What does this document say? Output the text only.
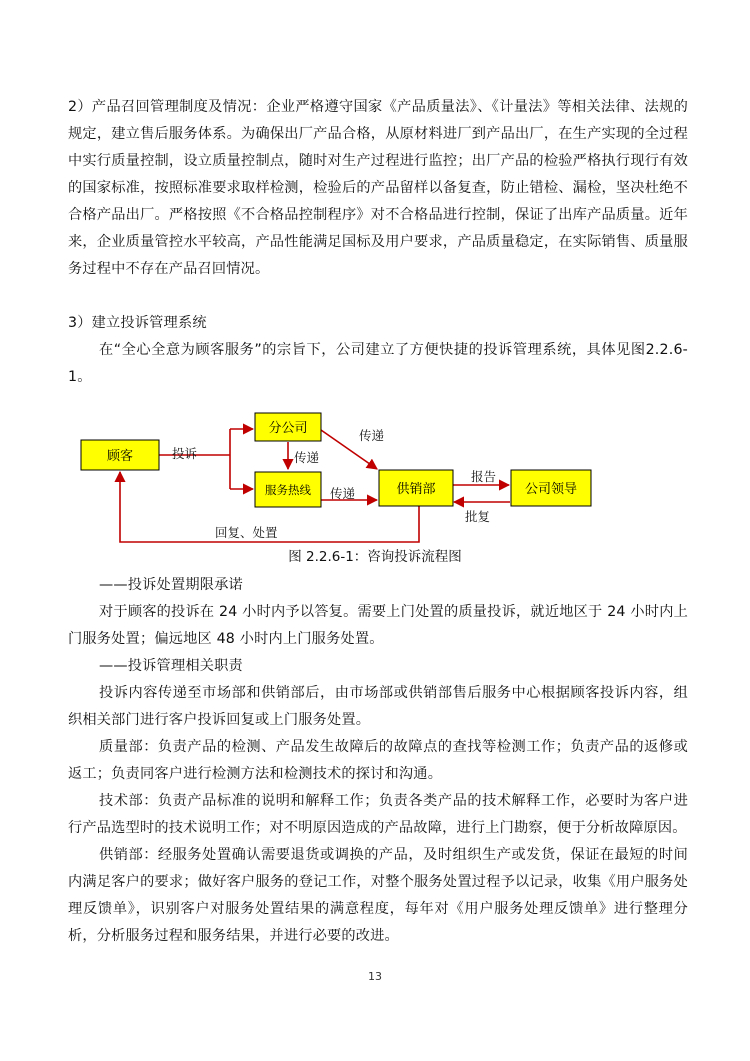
2）产品召回管理制度及情况：企业严格遵守国家《产品质量法》、《计量法》等相关法律、法规的规定，建立售后服务体系。为确保出厂产品合格，从原材料进厂到产品出厂，在生产实现的全过程中实行质量控制，设立质量控制点，随时对生产过程进行监控；出厂产品的检验严格执行现行有效的国家标准，按照标准要求取样检测，检验后的产品留样以备复查，防止错检、漏检，坚决杜绝不合格产品出厂。严格按照《不合格品控制程序》对不合格品进行控制，保证了出库产品质量。近年来，企业质量管控水平较高，产品性能满足国标及用户要求，产品质量稳定，在实际销售、质量服务过程中不存在产品召回情况。

3）建立投诉管理系统

在“全心全意为顾客服务”的宗旨下，公司建立了方便快捷的投诉管理系统，具体见图2.2.6-1。

顾客
分公司
服务热线	供销部	公司领导
投诉	传递
传递
传递
报告
批复
回复、处置
图 2.2.6-1：咨询投诉流程图

——投诉处置期限承诺

对于顾客的投诉在 24 小时内予以答复。需要上门处置的质量投诉，就近地区于 24 小时内上门服务处置；偏远地区 48 小时内上门服务处置。

——投诉管理相关职责

投诉内容传递至市场部和供销部后，由市场部或供销部售后服务中心根据顾客投诉内容，组织相关部门进行客户投诉回复或上门服务处置。

质量部：负责产品的检测、产品发生故障后的故障点的查找等检测工作；负责产品的返修或返工；负责同客户进行检测方法和检测技术的探讨和沟通。

技术部：负责产品标准的说明和解释工作；负责各类产品的技术解释工作，必要时为客户进行产品选型时的技术说明工作；对不明原因造成的产品故障，进行上门勘察，便于分析故障原因。

供销部：经服务处置确认需要退货或调换的产品，及时组织生产或发货，保证在最短的时间内满足客户的要求；做好客户服务的登记工作，对整个服务处置过程予以记录，收集《用户服务处理反馈单》，识别客户对服务处置结果的满意程度，每年对《用户服务处理反馈单》进行整理分析，分析服务过程和服务结果，并进行必要的改进。

13
